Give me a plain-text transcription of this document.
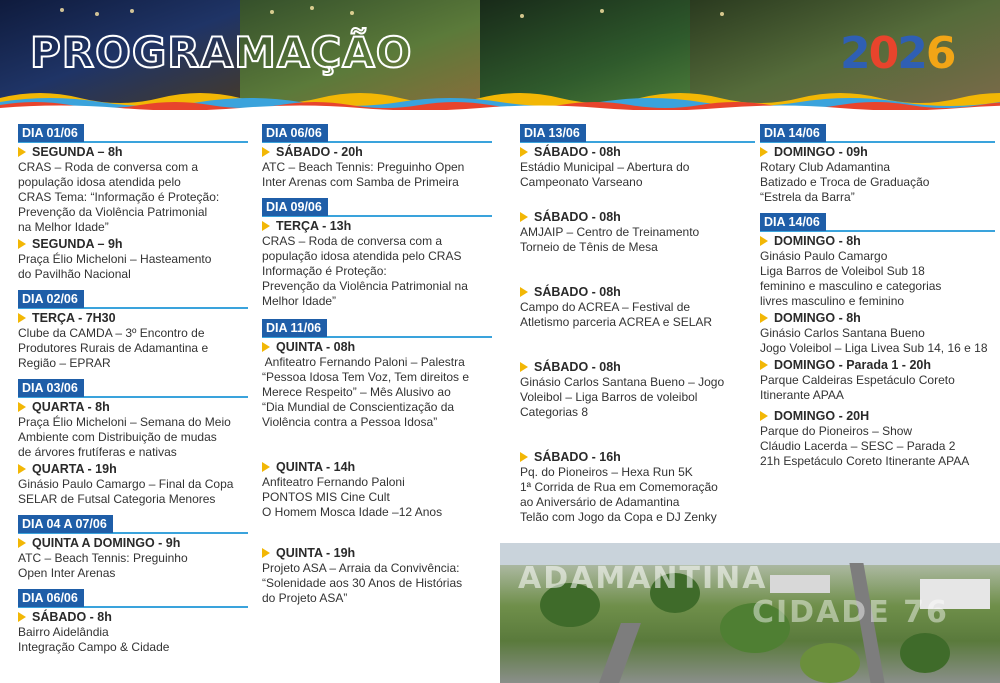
PROGRAMAÇÃO	2026
DIA 01/06
SEGUNDA – 8h
CRAS – Roda de conversa com a
população idosa atendida pelo
CRAS Tema: “Informação é Proteção:
Prevenção da Violência Patrimonial
na Melhor Idade”
SEGUNDA – 9h
Praça Élio Micheloni – Hasteamento
do Pavilhão Nacional
DIA 02/06
TERÇA - 7H30
Clube da CAMDA – 3º Encontro de
Produtores Rurais de Adamantina e
Região – EPRAR
DIA 03/06
QUARTA - 8h
Praça Élio Micheloni – Semana do Meio
Ambiente com Distribuição de mudas
de árvores frutíferas e nativas
QUARTA - 19h
Ginásio Paulo Camargo – Final da Copa
SELAR de Futsal Categoria Menores
DIA 04 A 07/06
QUINTA A DOMINGO - 9h
ATC – Beach Tennis: Preguinho
Open Inter Arenas
DIA 06/06
SÁBADO - 8h
Bairro Aidelândia
Integração Campo & Cidade
DIA 06/06
SÁBADO - 20h
ATC – Beach Tennis: Preguinho Open
Inter Arenas com Samba de Primeira
DIA 09/06
TERÇA - 13h
CRAS – Roda de conversa com a
população idosa atendida pelo CRAS
Informação é Proteção:
Prevenção da Violência Patrimonial na
Melhor Idade”
DIA 11/06
QUINTA - 08h
Anfiteatro Fernando Paloni – Palestra
“Pessoa Idosa Tem Voz, Tem direitos e
Merece Respeito” – Mês Alusivo ao
“Dia Mundial de Conscientização da
Violência contra a Pessoa Idosa”
QUINTA - 14h
Anfiteatro Fernando Paloni
PONTOS MIS Cine Cult
O Homem Mosca Idade –12 Anos
QUINTA - 19h
Projeto ASA – Arraia da Convivência:
“Solenidade aos 30 Anos de Histórias
do Projeto ASA”
DIA 13/06
SÁBADO - 08h
Estádio Municipal – Abertura do
Campeonato Varseano
SÁBADO - 08h
AMJAIP – Centro de Treinamento
Torneio de Tênis de Mesa
SÁBADO - 08h
Campo do ACREA – Festival de
Atletismo parceria ACREA e SELAR
SÁBADO - 08h
Ginásio Carlos Santana Bueno – Jogo
Voleibol – Liga Barros de voleibol
Categorias 8
SÁBADO - 16h
Pq. do Pioneiros – Hexa Run 5K
1ª Corrida de Rua em Comemoração
ao Aniversário de Adamantina
Telão com Jogo da Copa e DJ Zenky
DIA 14/06
DOMINGO - 09h
Rotary Club Adamantina
Batizado e Troca de Graduação
“Estrela da Barra”
DIA 14/06
DOMINGO - 8h
Ginásio Paulo Camargo
Liga Barros de Voleibol Sub 18
feminino e masculino e categorias
livres masculino e feminino
DOMINGO - 8h
Ginásio Carlos Santana Bueno
Jogo Voleibol – Liga Livea Sub 14, 16 e 18
DOMINGO - Parada 1 - 20h
Parque Caldeiras Espetáculo Coreto
Itinerante APAA
DOMINGO - 20H
Parque do Pioneiros – Show
Cláudio Lacerda – SESC – Parada 2
21h Espetáculo Coreto Itinerante APAA
ADAMANTINA
CIDADE 76
